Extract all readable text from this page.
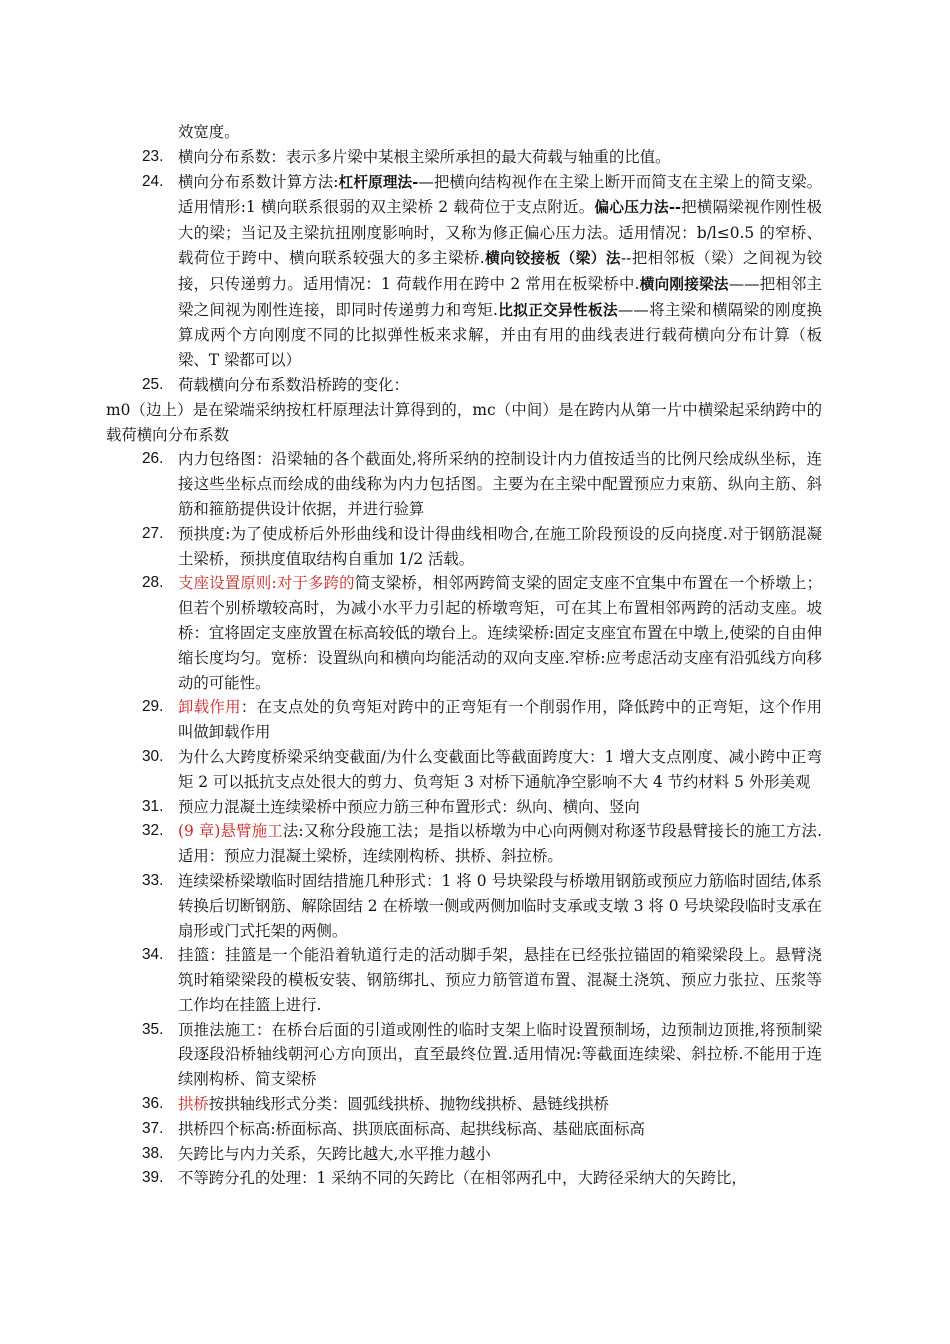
效宽度。
23. 横向分布系数：表示多片梁中某根主梁所承担的最大荷载与轴重的比值。
24. 横向分布系数计算方法:杠杆原理法-—把横向结构视作在主梁上断开而简支在主梁上的简支梁。适用情形:1 横向联系很弱的双主梁桥 2 载荷位于支点附近。偏心压力法--把横隔梁视作刚性极大的梁；当记及主梁抗扭刚度影响时，又称为修正偏心压力法。适用情况：b/l≤0.5 的窄桥、载荷位于跨中、横向联系较强大的多主梁桥.横向铰接板（梁）法--把相邻板（梁）之间视为铰接，只传递剪力。适用情况：1 荷载作用在跨中 2 常用在板梁桥中.横向刚接梁法——把相邻主梁之间视为刚性连接，即同时传递剪力和弯矩.比拟正交异性板法——将主梁和横隔梁的刚度换算成两个方向刚度不同的比拟弹性板来求解，并由有用的曲线表进行载荷横向分布计算（板梁、T 梁都可以）
25. 荷载横向分布系数沿桥跨的变化：
m0（边上）是在梁端采纳按杠杆原理法计算得到的，mc（中间）是在跨内从第一片中横梁起采纳跨中的载荷横向分布系数
26. 内力包络图：沿梁轴的各个截面处,将所采纳的控制设计内力值按适当的比例尺绘成纵坐标，连接这些坐标点而绘成的曲线称为内力包括图。主要为在主梁中配置预应力束筋、纵向主筋、斜筋和箍筋提供设计依据，并进行验算
27. 预拱度:为了使成桥后外形曲线和设计得曲线相吻合,在施工阶段预设的反向挠度.对于钢筋混凝土梁桥，预拱度值取结构自重加 1/2 活载。
28. 支座设置原则:对于多跨的简支梁桥，相邻两跨简支梁的固定支座不宜集中布置在一个桥墩上；但若个别桥墩较高时，为减小水平力引起的桥墩弯矩，可在其上布置相邻两跨的活动支座。坡桥：宜将固定支座放置在标高较低的墩台上。连续梁桥:固定支座宜布置在中墩上,使梁的自由伸缩长度均匀。宽桥：设置纵向和横向均能活动的双向支座.窄桥:应考虑活动支座有沿弧线方向移动的可能性。
29. 卸载作用：在支点处的负弯矩对跨中的正弯矩有一个削弱作用，降低跨中的正弯矩，这个作用叫做卸载作用
30. 为什么大跨度桥梁采纳变截面/为什么变截面比等截面跨度大：1 增大支点刚度、减小跨中正弯矩 2 可以抵抗支点处很大的剪力、负弯矩 3 对桥下通航净空影响不大 4 节约材料 5 外形美观
31. 预应力混凝土连续梁桥中预应力筋三种布置形式：纵向、横向、竖向
32. (9 章)悬臂施工法:又称分段施工法；是指以桥墩为中心向两侧对称逐节段悬臂接长的施工方法.适用：预应力混凝土梁桥，连续刚构桥、拱桥、斜拉桥。
33. 连续梁桥梁墩临时固结措施几种形式：1 将 0 号块梁段与桥墩用钢筋或预应力筋临时固结,体系转换后切断钢筋、解除固结 2 在桥墩一侧或两侧加临时支承或支墩 3 将 0 号块梁段临时支承在扇形或门式托架的两侧。
34. 挂篮：挂篮是一个能沿着轨道行走的活动脚手架，悬挂在已经张拉锚固的箱梁梁段上。悬臂浇筑时箱梁梁段的模板安装、钢筋绑扎、预应力筋管道布置、混凝土浇筑、预应力张拉、压浆等工作均在挂篮上进行.
35. 顶推法施工：在桥台后面的引道或刚性的临时支架上临时设置预制场，边预制边顶推,将预制梁段逐段沿桥轴线朝河心方向顶出，直至最终位置.适用情况:等截面连续梁、斜拉桥.不能用于连续刚构桥、简支梁桥
36. 拱桥按拱轴线形式分类：圆弧线拱桥、抛物线拱桥、悬链线拱桥
37. 拱桥四个标高:桥面标高、拱顶底面标高、起拱线标高、基础底面标高
38. 矢跨比与内力关系，矢跨比越大,水平推力越小
39. 不等跨分孔的处理：1 采纳不同的矢跨比（在相邻两孔中，大跨径采纳大的矢跨比，
